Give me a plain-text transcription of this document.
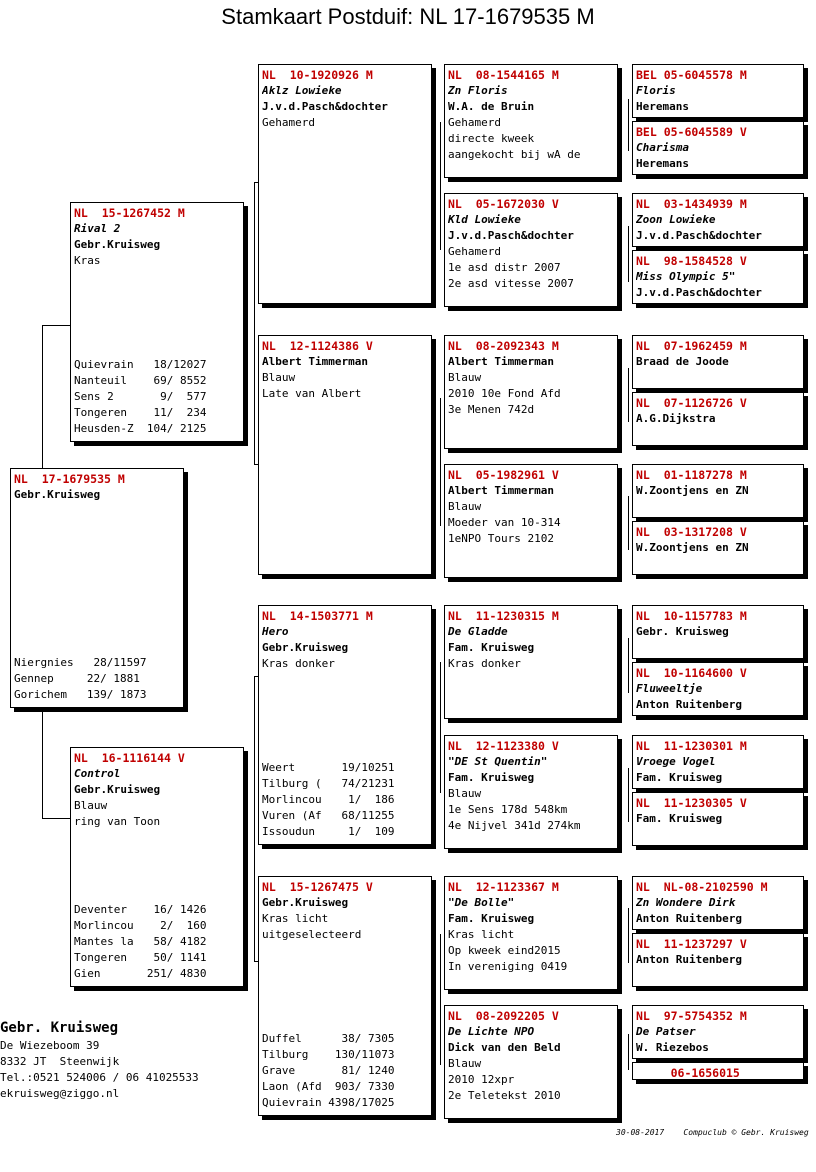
Stamkaart Postduif: NL 17-1679535 M
NL  17-1679535 M
Gebr.Kruisweg
Niergnies   28/11597
Gennep     22/ 1881
Gorichem   139/ 1873
NL  15-1267452 M
Rival 2
Gebr.Kruisweg
Kras
Quievrain   18/12027
Nanteuil    69/ 8552
Sens 2       9/  577
Tongeren    11/  234
Heusden-Z  104/ 2125
NL  16-1116144 V
Control
Gebr.Kruisweg
Blauw
ring van Toon
Deventer    16/ 1426
Morlincou    2/  160
Mantes la   58/ 4182
Tongeren    50/ 1141
Gien       251/ 4830
NL  10-1920926 M
Aklz Lowieke
J.v.d.Pasch&dochter
Gehamerd
NL  12-1124386 V
Albert Timmerman
Blauw
Late van Albert
NL  14-1503771 M
Hero
Gebr.Kruisweg
Kras donker
Weert       19/10251
Tilburg (   74/21231
Morlincou    1/  186
Vuren (Af   68/11255
Issoudun     1/  109
NL  15-1267475 V
Gebr.Kruisweg
Kras licht
uitgeselecteerd
Duffel      38/ 7305
Tilburg    130/11073
Grave       81/ 1240
Laon (Afd  903/ 7330
Quievrain 4398/17025
NL  08-1544165 M
Zn Floris
W.A. de Bruin
Gehamerd
directe kweek
aangekocht bij wA de
NL  05-1672030 V
Kld Lowieke
J.v.d.Pasch&dochter
Gehamerd
1e asd distr 2007
2e asd vitesse 2007
NL  08-2092343 M
Albert Timmerman
Blauw
2010 10e Fond Afd
3e Menen 742d
NL  05-1982961 V
Albert Timmerman
Blauw
Moeder van 10-314
1eNPO Tours 2102
NL  11-1230315 M
De Gladde
Fam. Kruisweg
Kras donker
NL  12-1123380 V
"DE St Quentin"
Fam. Kruisweg
Blauw
1e Sens 178d 548km
4e Nijvel 341d 274km
NL  12-1123367 M
"De Bolle"
Fam. Kruisweg
Kras licht
Op kweek eind2015
In vereniging 0419
NL  08-2092205 V
De Lichte NPO
Dick van den Beld
Blauw
2010 12xpr
2e Teletekst 2010
BEL 05-6045578 M
Floris
Heremans
BEL 05-6045589 V
Charisma
Heremans
NL  03-1434939 M
Zoon Lowieke
J.v.d.Pasch&dochter
NL  98-1584528 V
Miss Olympic 5"
J.v.d.Pasch&dochter
NL  07-1962459 M
Braad de Joode
NL  07-1126726 V
A.G.Dijkstra
NL  01-1187278 M
W.Zoontjens en ZN
NL  03-1317208 V
W.Zoontjens en ZN
NL  10-1157783 M
Gebr. Kruisweg
NL  10-1164600 V
Fluweeltje
Anton Ruitenberg
NL  11-1230301 M
Vroege Vogel
Fam. Kruisweg
NL  11-1230305 V
Fam. Kruisweg
NL  NL-08-2102590 M
Zn Wondere Dirk
Anton Ruitenberg
NL  11-1237297 V
Anton Ruitenberg
NL  97-5754352 M
De Patser
W. Riezebos
06-1656015
Gebr. Kruisweg
De Wiezeboom 39
8332 JT  Steenwijk
Tel.:0521 524006 / 06 41025533
ekruisweg@ziggo.nl
30-08-2017    Compuclub © Gebr. Kruisweg
